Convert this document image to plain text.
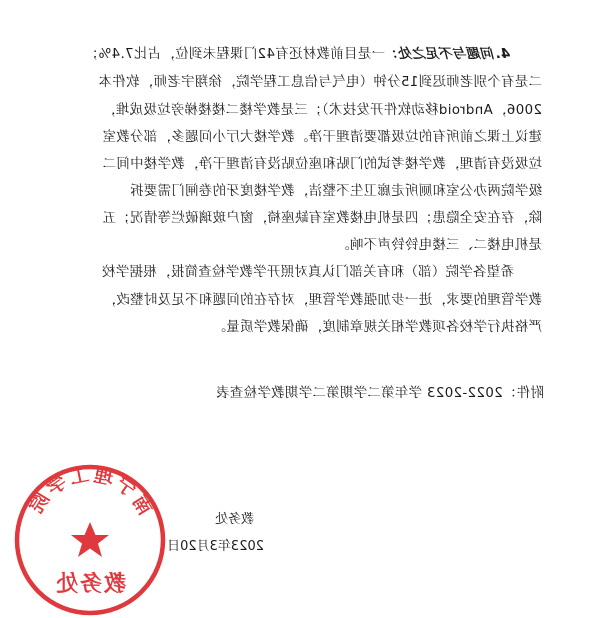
4.问题与不足之处：一是目前教材还有42门课程未到位，占比7.4%；
二是有个别老师迟到15分钟（电气与信息工程学院，徐翔宇老师，软件本
2006，Android移动软件开发技术）；三是教学楼二楼楼梯旁垃圾成堆，
建议上课之前所有的垃圾都要清理干净。教学楼大厅小问题多，部分教室
垃圾没有清理，教学楼考试的门贴和座位贴没有清理干净，教学楼中间二
级学院两办公室和厕所走廊卫生不整洁，教学楼度牙的卷闸门需要拆
除，存在安全隐患；四是机电楼教室有缺座椅，窗户玻璃破烂等情况；五
是机电楼二、三楼电铃铃声不响。
希望各学院（部）和有关部门认真对照开学教学检查简报，根据学校
教学管理的要求，进一步加强教学管理，对存在的问题和不足及时整改，
严格执行学校各项教学相关规章制度，确保教学质量。
附件：2022-2023 学年第二学期第二学期教学检查表
教务处
2023年3月20日
南宁理工学院
教务处
